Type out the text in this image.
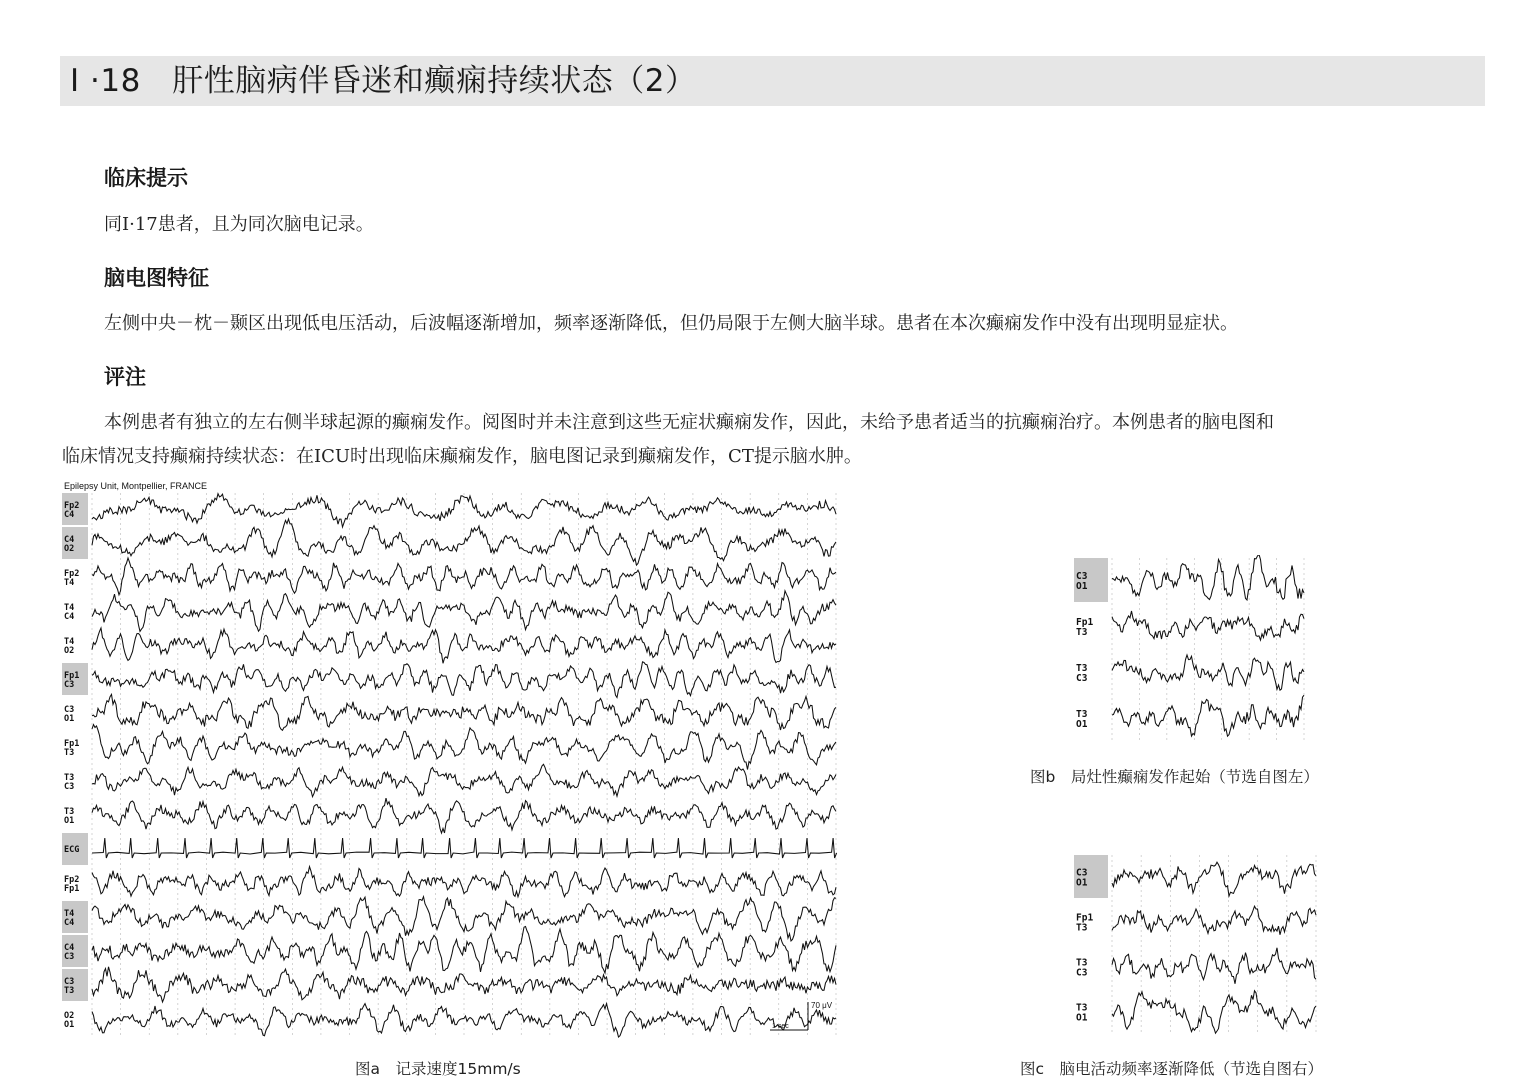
Ⅰ ·18　肝性脑病伴昏迷和癫痫持续状态（2）
临床提示
同Ⅰ·17患者，且为同次脑电记录。
脑电图特征
左侧中央－枕－颞区出现低电压活动，后波幅逐渐增加，频率逐渐降低，但仍局限于左侧大脑半球。患者在本次癫痫发作中没有出现明显症状。
评注
本例患者有独立的左右侧半球起源的癫痫发作。阅图时并未注意到这些无症状癫痫发作，因此，未给予患者适当的抗癫痫治疗。本例患者的脑电图和
临床情况支持癫痫持续状态：在ICU时出现临床癫痫发作，脑电图记录到癫痫发作，CT提示脑水肿。
Epilepsy Unit, Montpellier, FRANCE
Fp2
C4
C4
O2
Fp2
T4
T4
C4
T4
O2
Fp1
C3
C3
O1
Fp1
T3
T3
C3
T3
O1
ECG
Fp2
Fp1
T4
C4
C4
C3
C3
T3
O2
O1
70 μV
1 sec
图a　记录速度15mm/s
C3
O1
Fp1
T3
T3
C3
T3
O1
图b　局灶性癫痫发作起始（节选自图左）
C3
O1
Fp1
T3
T3
C3
T3
O1
图c　脑电活动频率逐渐降低（节选自图右）
